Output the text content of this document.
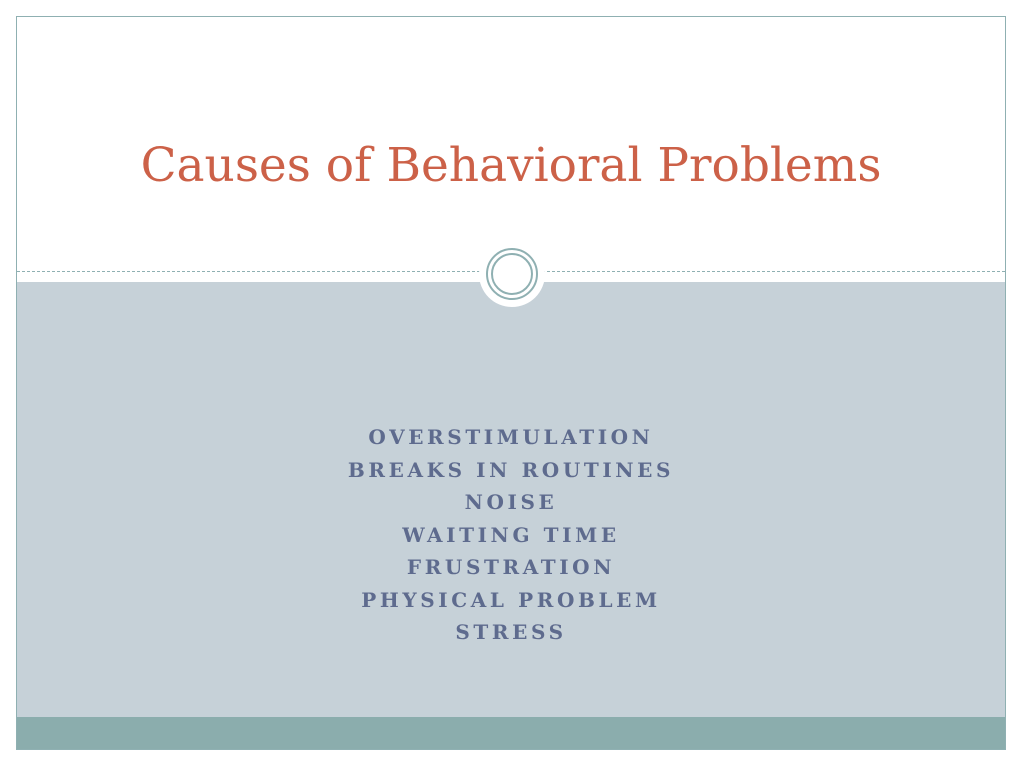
Causes of Behavioral Problems
OVERSTIMULATION
BREAKS IN ROUTINES
NOISE
WAITING TIME
FRUSTRATION
PHYSICAL PROBLEM
STRESS
